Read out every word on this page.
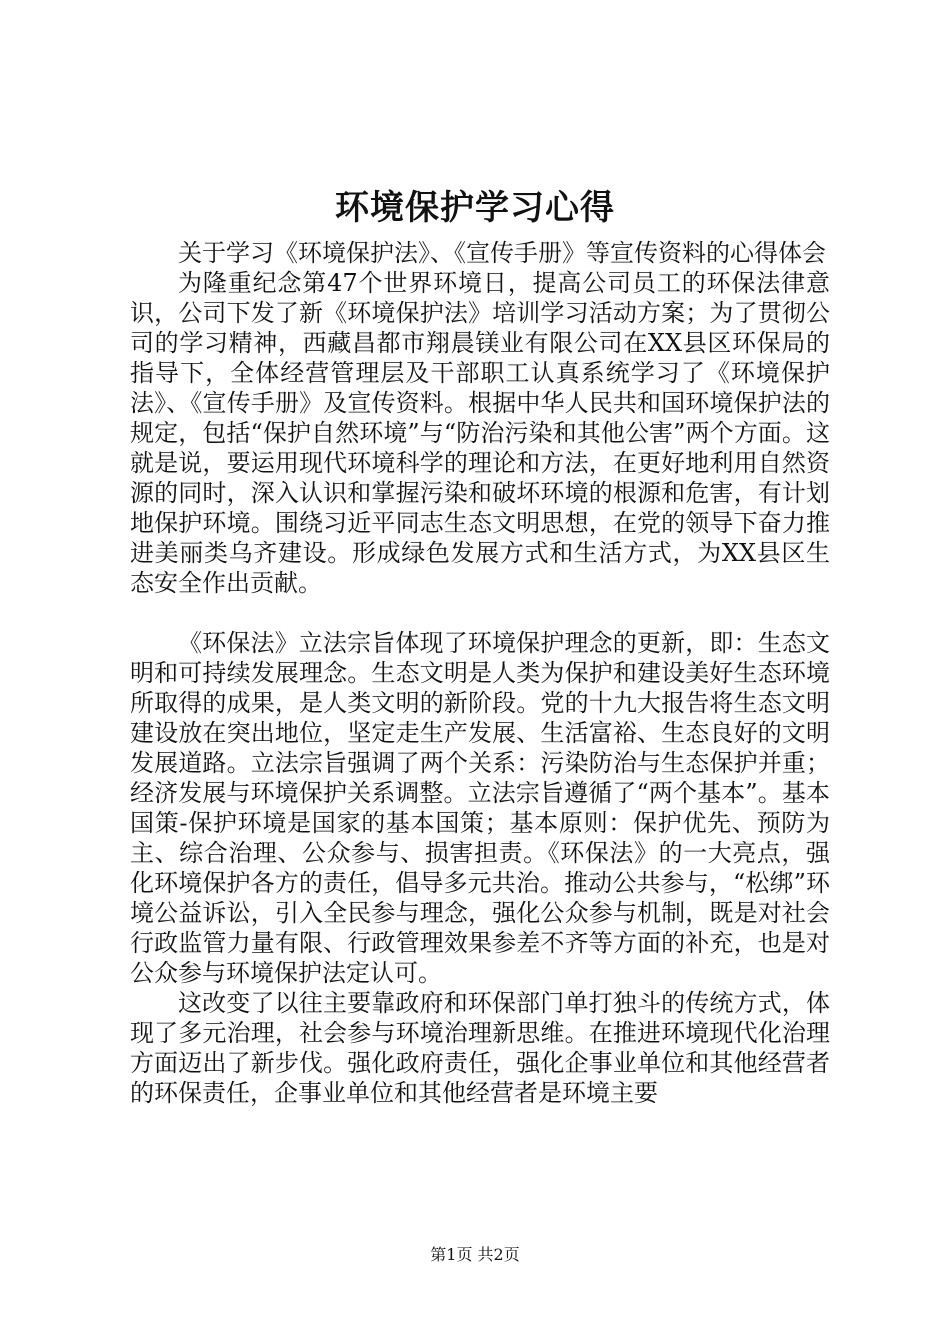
环境保护学习心得

关于学习《环境保护法》、《宣传手册》等宣传资料的心得体会

为隆重纪念第47个世界环境日，提高公司员工的环保法律意识，公司下发了新《环境保护法》培训学习活动方案；为了贯彻公司的学习精神，西藏昌都市翔晨镁业有限公司在XX县区环保局的指导下，全体经营管理层及干部职工认真系统学习了《环境保护法》、《宣传手册》及宣传资料。根据中华人民共和国环境保护法的规定，包括“保护自然环境”与“防治污染和其他公害”两个方面。这就是说，要运用现代环境科学的理论和方法，在更好地利用自然资源的同时，深入认识和掌握污染和破坏环境的根源和危害，有计划地保护环境。围绕习近平同志生态文明思想，在党的领导下奋力推进美丽类乌齐建设。形成绿色发展方式和生活方式，为XX县区生态安全作出贡献。

《环保法》立法宗旨体现了环境保护理念的更新，即：生态文明和可持续发展理念。生态文明是人类为保护和建设美好生态环境所取得的成果，是人类文明的新阶段。党的十九大报告将生态文明建设放在突出地位，坚定走生产发展、生活富裕、生态良好的文明发展道路。立法宗旨强调了两个关系：污染防治与生态保护并重；经济发展与环境保护关系调整。立法宗旨遵循了“两个基本”。基本国策-保护环境是国家的基本国策；基本原则：保护优先、预防为主、综合治理、公众参与、损害担责。《环保法》的一大亮点，强化环境保护各方的责任，倡导多元共治。推动公共参与，“松绑”环境公益诉讼，引入全民参与理念，强化公众参与机制，既是对社会行政监管力量有限、行政管理效果参差不齐等方面的补充，也是对公众参与环境保护法定认可。

这改变了以往主要靠政府和环保部门单打独斗的传统方式，体现了多元治理，社会参与环境治理新思维。在推进环境现代化治理方面迈出了新步伐。强化政府责任，强化企事业单位和其他经营者的环保责任，企事业单位和其他经营者是环境主要

第1页 共2页
